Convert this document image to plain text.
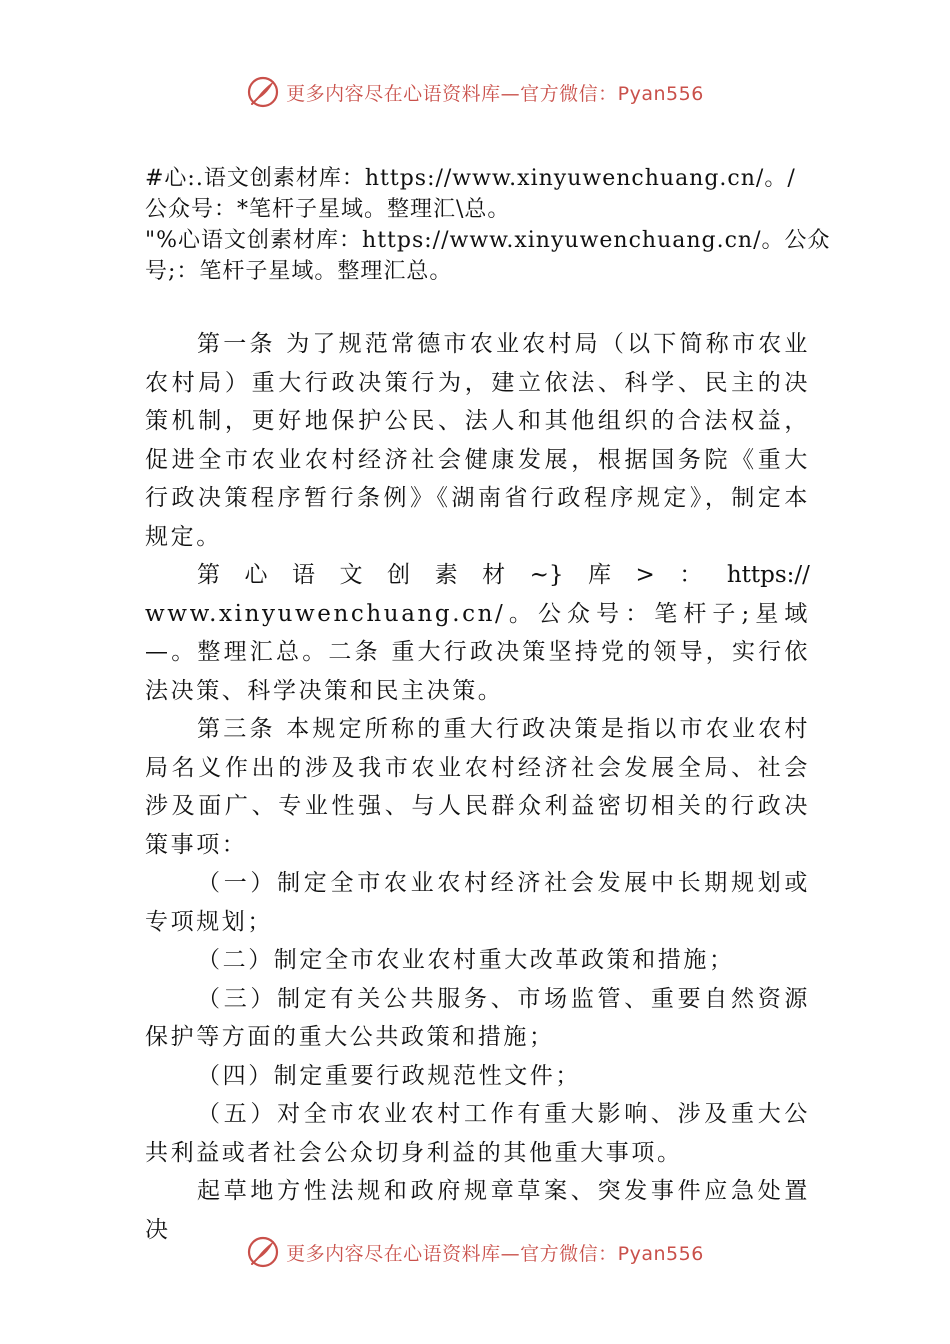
更多内容尽在心语资料库—官方微信：Pyan556
#心:.语文创素材库：https://www.xinyuwenchuang.cn/。/
公众号：*笔杆子星域。整理汇\总。
"%心语文创素材库：https://www.xinyuwenchuang.cn/。公众
号;：笔杆子星域。整理汇总。

第一条 为了规范常德市农业农村局（以下简称市农业农村局）重大行政决策行为，建立依法、科学、民主的决策机制，更好地保护公民、法人和其他组织的合法权益，促进全市农业农村经济社会健康发展，根据国务院《重大行政决策程序暂行条例》《湖南省行政程序规定》，制定本规定。

第 心 语 文 创 素 材 ~} 库 > ： https://

www.xinyuwenchuang.cn/。公众号：笔杆子;星域—。整理汇总。二条 重大行政决策坚持党的领导，实行依法决策、科学决策和民主决策。

第三条 本规定所称的重大行政决策是指以市农业农村局名义作出的涉及我市农业农村经济社会发展全局、社会涉及面广、专业性强、与人民群众利益密切相关的行政决策事项：

（一）制定全市农业农村经济社会发展中长期规划或专项规划；

（二）制定全市农业农村重大改革政策和措施；

（三）制定有关公共服务、市场监管、重要自然资源保护等方面的重大公共政策和措施；

（四）制定重要行政规范性文件；

（五）对全市农业农村工作有重大影响、涉及重大公共利益或者社会公众切身利益的其他重大事项。

起草地方性法规和政府规章草案、突发事件应急处置决

更多内容尽在心语资料库—官方微信：Pyan556
